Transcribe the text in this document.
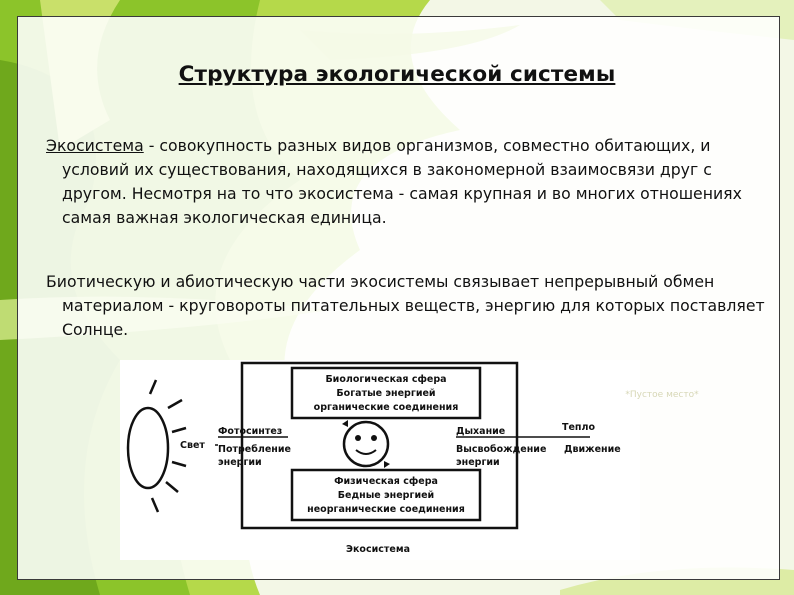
Структура экологической системы
Экосистема - совокупность разных видов организмов, совместно обитающих, и условий их существования, находящихся в закономерной взаимосвязи друг с другом. Несмотря на то что экосистема - самая крупная и во многих отношениях самая важная экологическая единица.
Биотическую и абиотическую части экосистемы связывает непрерывный обмен материалом - круговороты питательных веществ, энергию для которых поставляет Солнце.
Биологическая сфера
Богатые энергией
органические соединения
Физическая сфера
Бедные энергией
неорганические соединения
Свет
Фотосинтез
Потребление
энергии
Дыхание
Высвобождение
энергии
Тепло
Движение
Экосистема
*Пустое место*
